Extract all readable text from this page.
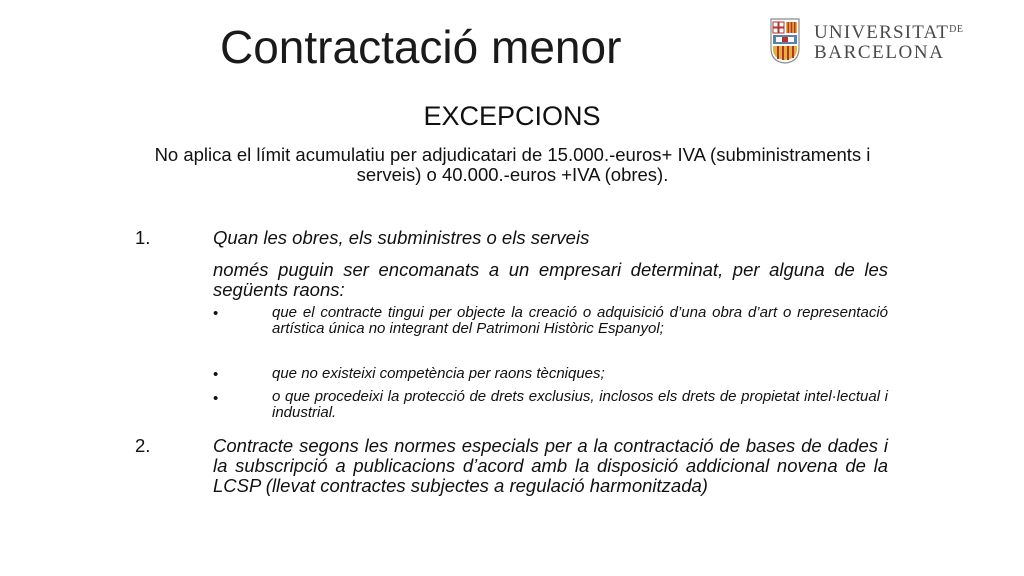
Contractació menor	$UNIVERSITAT^{DE}$
BARCELONA
EXCEPCIONS
No aplica el límit acumulatiu per adjudicatari de 15.000.-euros+ IVA (subministraments i serveis) o 40.000.-euros +IVA (obres).
1.	Quan les obres, els subministres o els serveis
només puguin ser encomanats a un empresari determinat, per alguna de les següents raons:
•	que el contracte tingui per objecte la creació o adquisició d’una obra d’art o representació artística única no integrant del Patrimoni Històric Espanyol;
•	que no existeixi competència per raons tècniques;
•	o que procedeixi la protecció de drets exclusius, inclosos els drets de propietat intel·lectual i industrial.
2.	Contracte segons les normes especials per a la contractació de bases de dades i la subscripció a publicacions d’acord amb la disposició addicional novena de la LCSP (llevat contractes subjectes a regulació harmonitzada)
